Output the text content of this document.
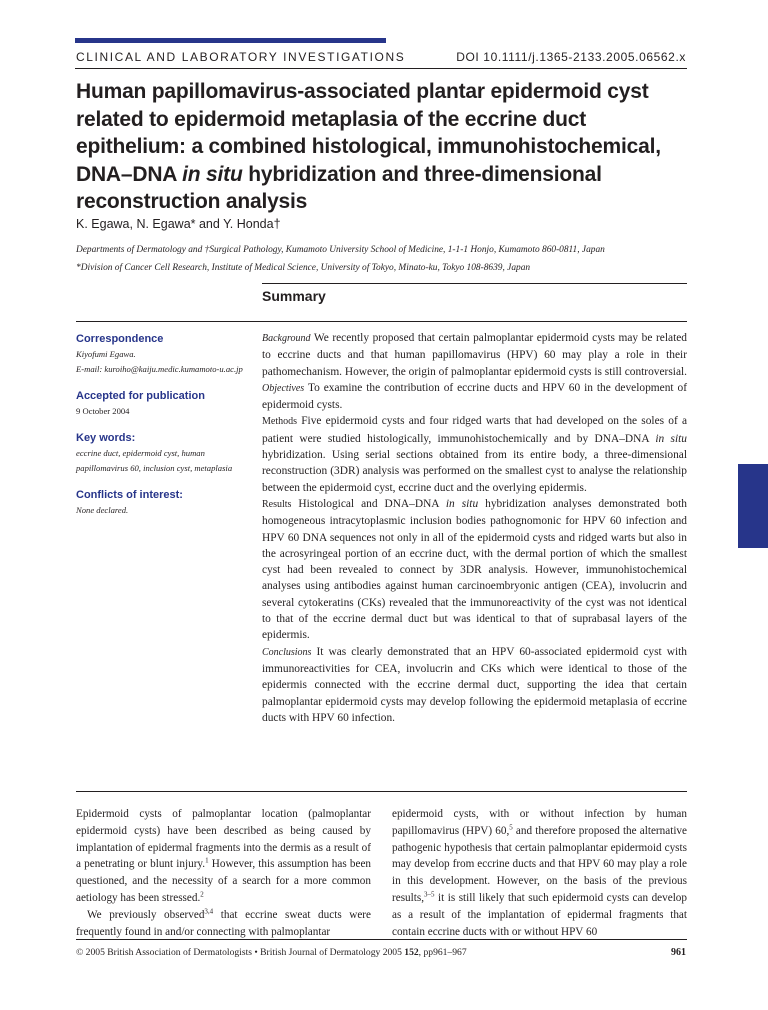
CLINICAL AND LABORATORY INVESTIGATIONS	DOI 10.1111/j.1365-2133.2005.06562.x
Human papillomavirus-associated plantar epidermoid cyst related to epidermoid metaplasia of the eccrine duct epithelium: a combined histological, immunohistochemical, DNA–DNA in situ hybridization and three-dimensional reconstruction analysis
K. Egawa, N. Egawa* and Y. Honda†
Departments of Dermatology and †Surgical Pathology, Kumamoto University School of Medicine, 1-1-1 Honjo, Kumamoto 860-0811, Japan
*Division of Cancer Cell Research, Institute of Medical Science, University of Tokyo, Minato-ku, Tokyo 108-8639, Japan
Summary
Correspondence
Kiyofumi Egawa.
E-mail: kuroiho@kaiju.medic.kumamoto-u.ac.jp
Accepted for publication
9 October 2004
Key words:
eccrine duct, epidermoid cyst, human papillomavirus 60, inclusion cyst, metaplasia
Conflicts of interest:
None declared.

Background We recently proposed that certain palmoplantar epidermoid cysts may be related to eccrine ducts and that human papillomavirus (HPV) 60 may play a role in their pathomechanism. However, the origin of palmoplantar epidermoid cysts is still controversial.

Objectives To examine the contribution of eccrine ducts and HPV 60 in the development of epidermoid cysts.

Methods Five epidermoid cysts and four ridged warts that had developed on the soles of a patient were studied histologically, immunohistochemically and by DNA–DNA in situ hybridization. Using serial sections obtained from its entire body, a three-dimensional reconstruction (3DR) analysis was performed on the smallest cyst to analyse the relationship between the epidermoid cyst, eccrine duct and the overlying epidermis.

Results Histological and DNA–DNA in situ hybridization analyses demonstrated both homogeneous intracytoplasmic inclusion bodies pathognomonic for HPV 60 infection and HPV 60 DNA sequences not only in all of the epidermoid cysts and ridged warts but also in the acrosyringeal portion of an eccrine duct, with the dermal portion of which the smallest cyst had been revealed to connect by 3DR analysis. However, immunohistochemical analyses using antibodies against human carcinoembryonic antigen (CEA), involucrin and several cytokeratins (CKs) revealed that the immunoreactivity of the cyst was not identical to that of the eccrine dermal duct but was identical to that of suprabasal layers of the epidermis.

Conclusions It was clearly demonstrated that an HPV 60-associated epidermoid cyst with immunoreactivities for CEA, involucrin and CKs which were identical to those of the epidermis connected with the eccrine dermal duct, supporting the idea that certain palmoplantar epidermoid cysts may develop following the epidermoid metaplasia of eccrine ducts with HPV 60 infection.

Epidermoid cysts of palmoplantar location (palmoplantar epidermoid cysts) have been described as being caused by implantation of epidermal fragments into the dermis as a result of a penetrating or blunt injury.$^1$ However, this assumption has been questioned, and the necessity of a search for a more common aetiology has been stressed.$^2$

We previously observed$^{3,4}$ that eccrine sweat ducts were frequently found in and/or connecting with palmoplantar

epidermoid cysts, with or without infection by human papillomavirus (HPV) 60,$^5$ and therefore proposed the alternative pathogenic hypothesis that certain palmoplantar epidermoid cysts may develop from eccrine ducts and that HPV 60 may play a role in this development. However, on the basis of the previous results,$^{3-5}$ it is still likely that such epidermoid cysts can develop as a result of the implantation of epidermal fragments that contain eccrine ducts with or without HPV 60

© 2005 British Association of Dermatologists • British Journal of Dermatology 2005 152, pp961–967	961
